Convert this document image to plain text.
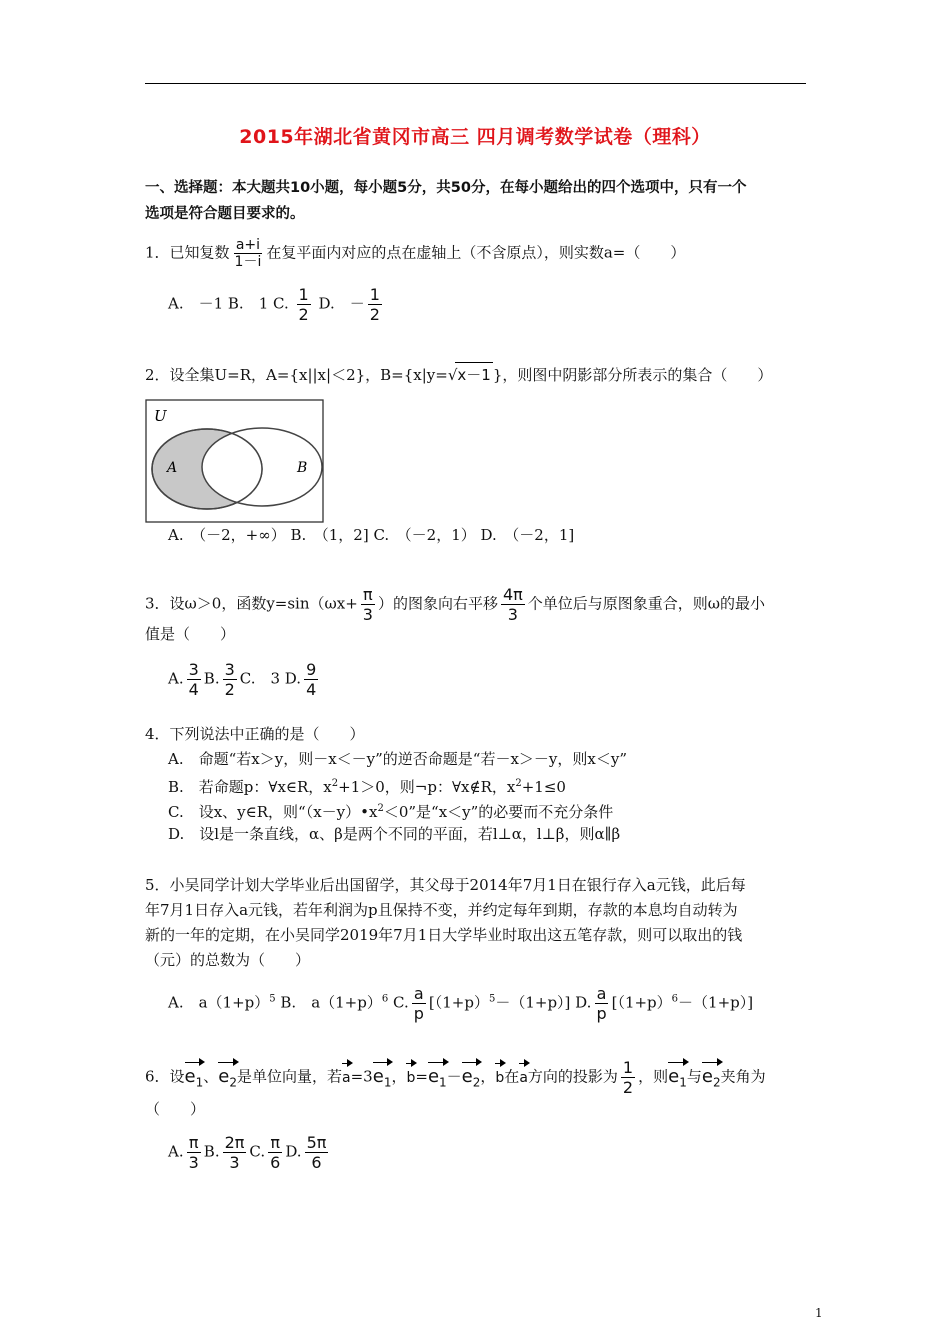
2015年湖北省黄冈市高三 四月调考数学试卷（理科）
一、选择题：本大题共10小题，每小题5分，共50分，在每小题给出的四个选项中，只有一个
选项是符合题目要求的。
1．已知复数 $\frac{a+i}{1-i}$ 在复平面内对应的点在虚轴上（不含原点），则实数a=（　　）
A.　－1 B.　1 C. $\frac{1}{2} D$.　－ $\frac{1}{2}$
2．设全集U=R，A={x||x|＜2}，B={x|y=√x－1 }，则图中阴影部分所表示的集合（　　）
U
A	B
A.　（－2，+∞） B.　（1，2] C.　（－2，1） D.　（－2，1]
3．设ω＞0，函数$y=\sin(\omega x+ \frac{\pi}{3}$ ）的图象向右平移 $\frac{4\pi}{3}$ 个单位后与原图象重合，则ω的最小
值是（　　）
A. $\frac{3}{4} B$. $\frac{3}{2} C$.　3 D. $\frac{9}{4}$
4．下列说法中正确的是（　　）
A.　命题“若x＞y，则－x＜－y”的逆否命题是“若－x＞－y，则x＜y”
B.　若命题p：∀x∈R，$x^2+1>0$，则¬p：∀x∉R，$x^2+1\le 0$
C.　设x、y∈R，则“$(x-y)•x^2<0$”是“x＜y”的必要而不充分条件
D.　设l是一条直线，α、β是两个不同的平面，若l⊥α，l⊥β，则α∥β
5．小吴同学计划大学毕业后出国留学，其父母于2014年7月1日在银行存入a元钱，此后每
年7月1日存入a元钱，若年利润为p且保持不变，并约定每年到期，存款的本息均自动转为
新的一年的定期，在小吴同学2019年7月1日大学毕业时取出这五笔存款，则可以取出的钱
（元）的总数为（　　）
A.　$a(1+p)^5$ B.　$a(1+p)^6$ C. $\frac{a}{p} [(1+p)^5-(1+p)]$ D. $\frac{a}{p} [(1+p)^6-(1+p)]$
6．设$e_1$、$e_2$是单位向量，若$a=3e_1$，$b=e_1-e_2$，b在a方向的投影为 $\frac{1}{2}$ ，则$e_1$与$e_2$夹角为
（　　）
A. $\frac{\pi}{3} B$. $\frac{2\pi}{3} C$. $\frac{\pi}{6} D$. $\frac{5\pi}{6}$
1
